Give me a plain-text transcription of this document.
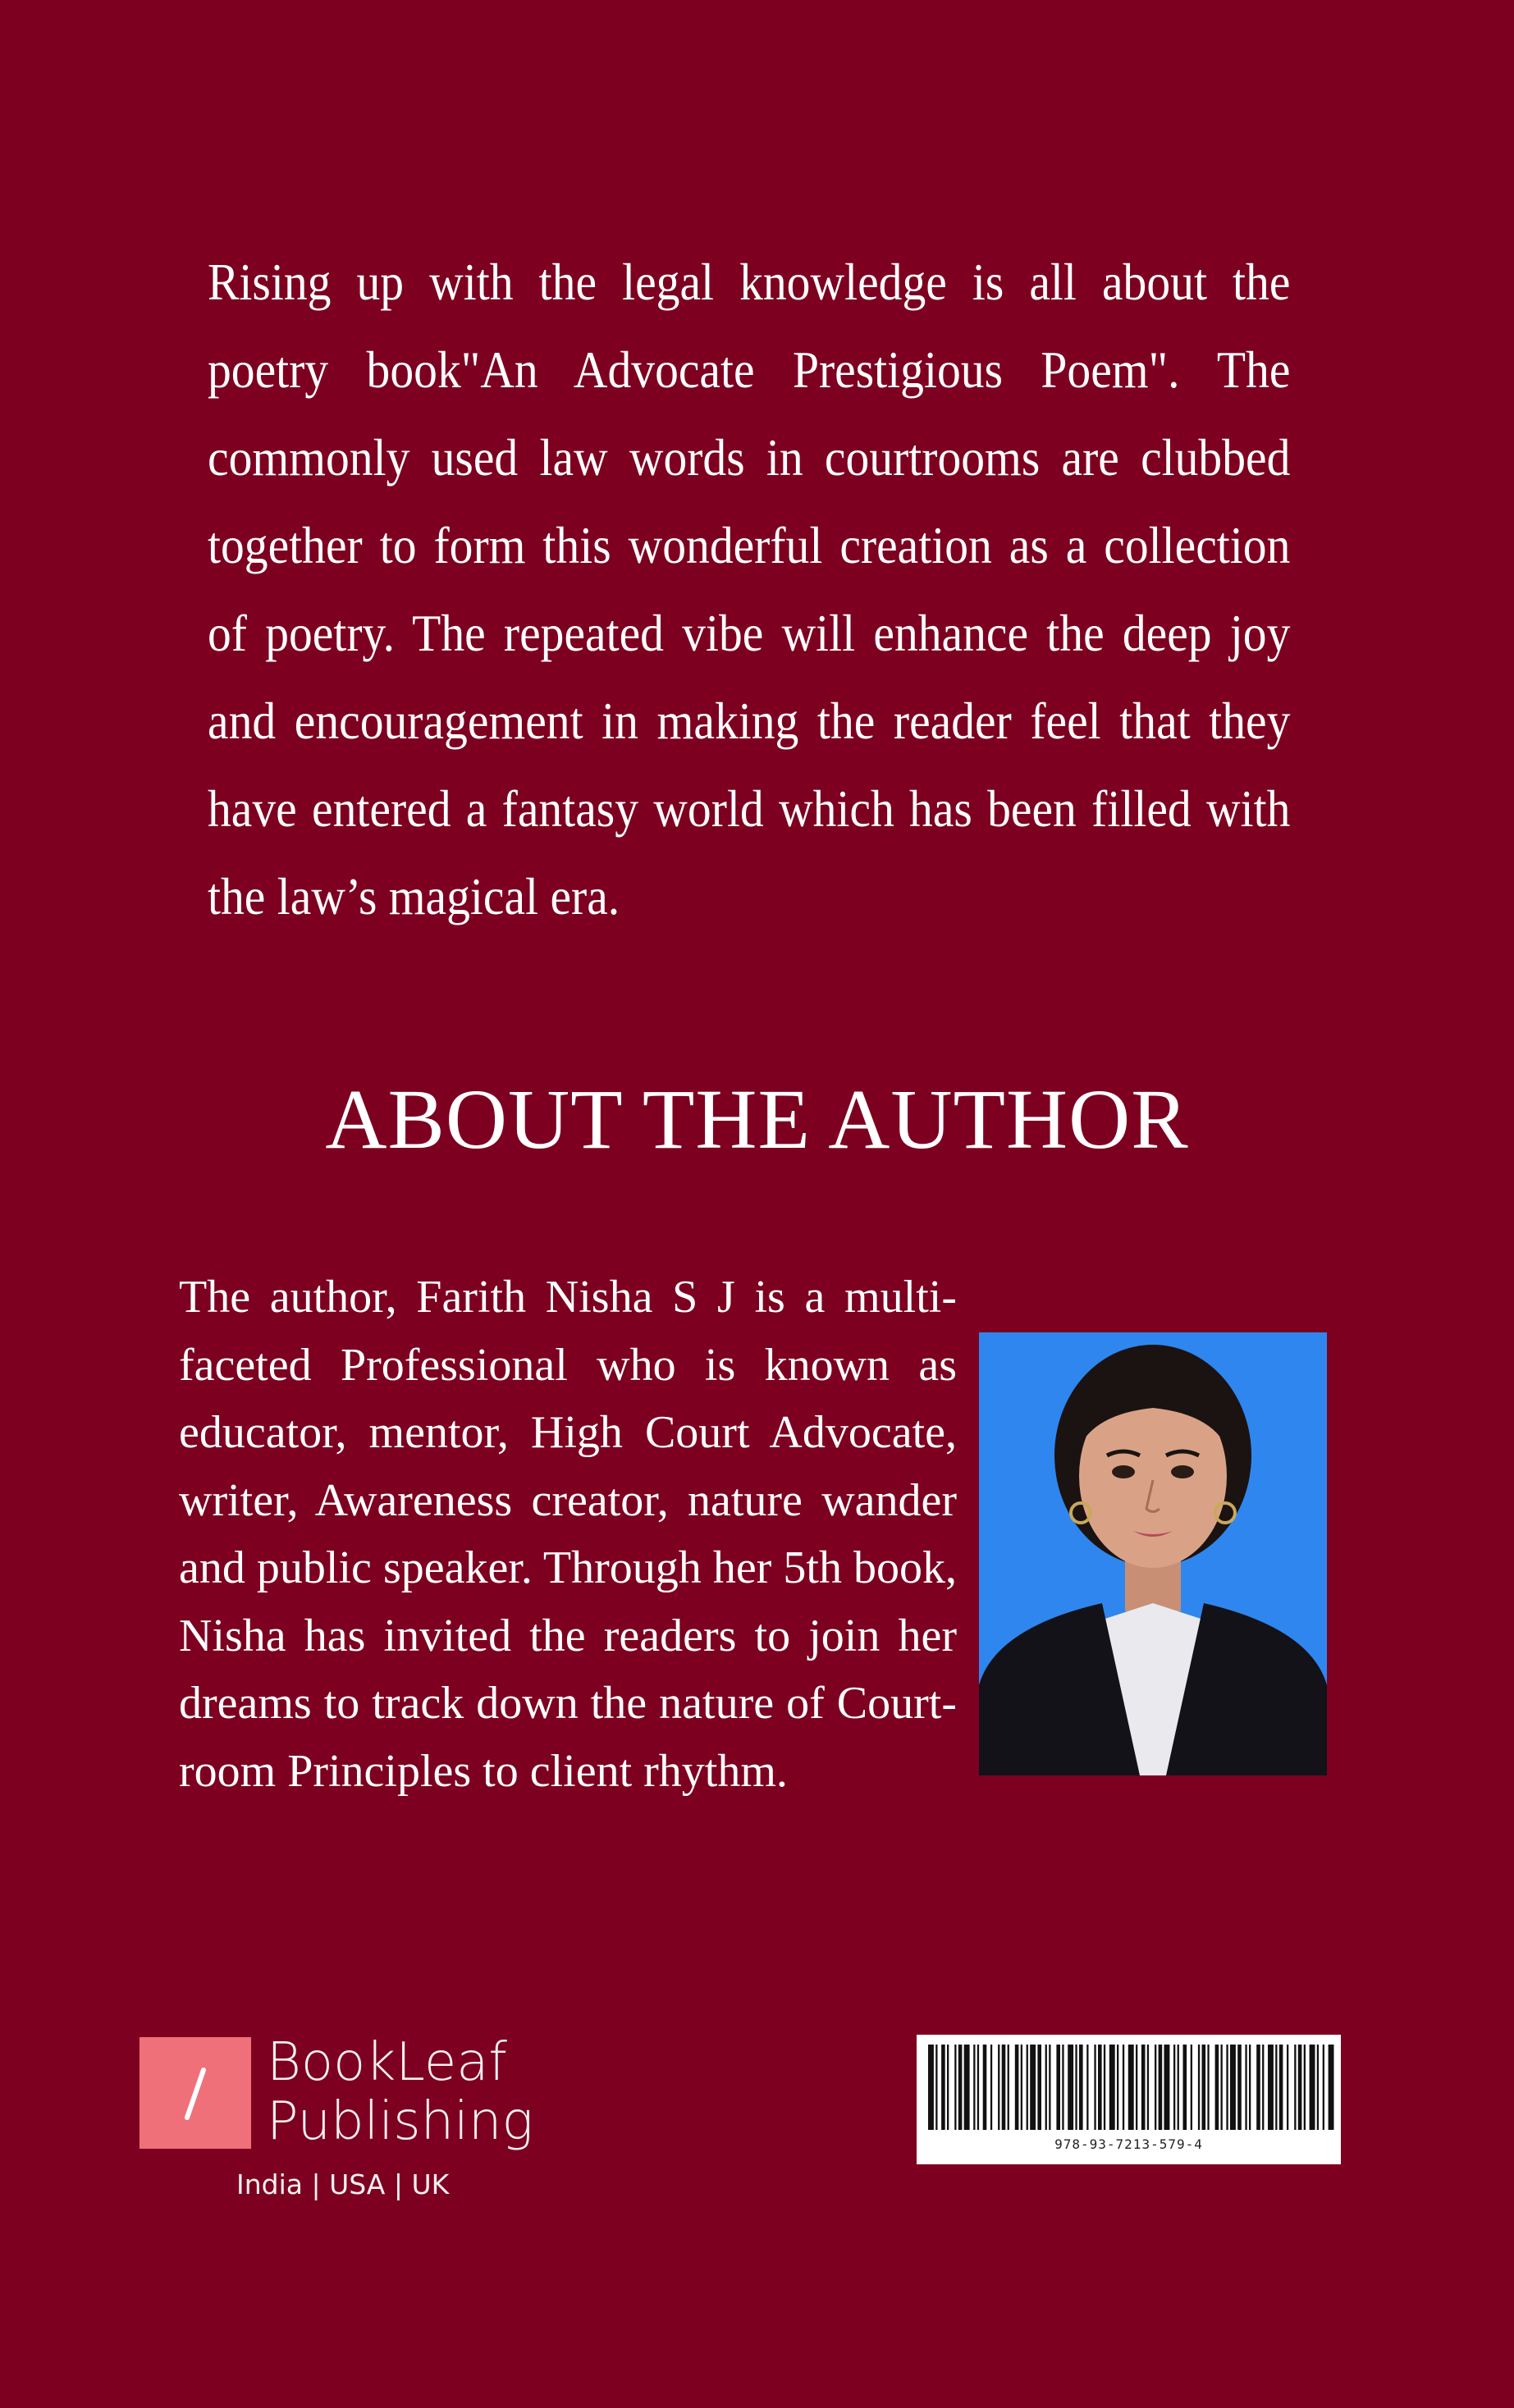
Rising up with the legal knowledge is all about the poetry book"An Advocate Prestigious Poem". The commonly used law words in courtrooms are clubbed together to form this wonderful creation as a collection of poetry. The repeated vibe will enhance the deep joy and encouragement in making the reader feel that they have entered a fantasy world which has been filled with the law’s magical era.

ABOUT THE AUTHOR

The author, Farith Nisha S J is a multi-faceted Professional who is known as educator, mentor, High Court Advocate, writer, Awareness creator, nature wander and public speaker. Through her 5th book, Nisha has invited the readers to join her dreams to track down the nature of Court-room Principles to client rhythm.

BookLeaf
Publishing

India | USA | UK

978-93-7213-579-4
